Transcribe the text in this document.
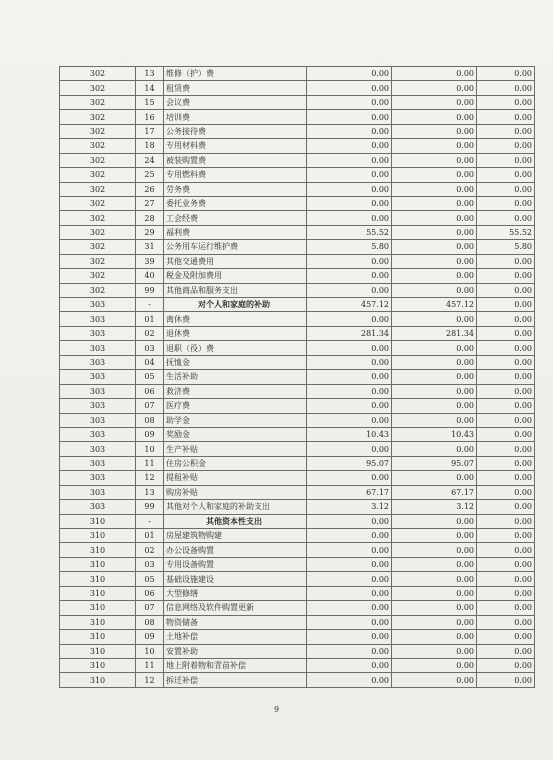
302	13	维修（护）费	0.00	0.00	0.00
302	14	租赁费	0.00	0.00	0.00
302	15	会议费	0.00	0.00	0.00
302	16	培训费	0.00	0.00	0.00
302	17	公务接待费	0.00	0.00	0.00
302	18	专用材料费	0.00	0.00	0.00
302	24	被装购置费	0.00	0.00	0.00
302	25	专用燃料费	0.00	0.00	0.00
302	26	劳务费	0.00	0.00	0.00
302	27	委托业务费	0.00	0.00	0.00
302	28	工会经费	0.00	0.00	0.00
302	29	福利费	55.52	0.00	55.52
302	31	公务用车运行维护费	5.80	0.00	5.80
302	39	其他交通费用	0.00	0.00	0.00
302	40	税金及附加费用	0.00	0.00	0.00
302	99	其他商品和服务支出	0.00	0.00	0.00
303	-	对个人和家庭的补助	457.12	457.12	0.00
303	01	离休费	0.00	0.00	0.00
303	02	退休费	281.34	281.34	0.00
303	03	退职（役）费	0.00	0.00	0.00
303	04	抚恤金	0.00	0.00	0.00
303	05	生活补助	0.00	0.00	0.00
303	06	救济费	0.00	0.00	0.00
303	07	医疗费	0.00	0.00	0.00
303	08	助学金	0.00	0.00	0.00
303	09	奖励金	10.43	10.43	0.00
303	10	生产补贴	0.00	0.00	0.00
303	11	住房公积金	95.07	95.07	0.00
303	12	提租补贴	0.00	0.00	0.00
303	13	购房补贴	67.17	67.17	0.00
303	99	其他对个人和家庭的补助支出	3.12	3.12	0.00
310	-	其他资本性支出	0.00	0.00	0.00
310	01	房屋建筑物购建	0.00	0.00	0.00
310	02	办公设备购置	0.00	0.00	0.00
310	03	专用设备购置	0.00	0.00	0.00
310	05	基础设施建设	0.00	0.00	0.00
310	06	大型修缮	0.00	0.00	0.00
310	07	信息网络及软件购置更新	0.00	0.00	0.00
310	08	物资储备	0.00	0.00	0.00
310	09	土地补偿	0.00	0.00	0.00
310	10	安置补助	0.00	0.00	0.00
310	11	地上附着物和青苗补偿	0.00	0.00	0.00
310	12	拆迁补偿	0.00	0.00	0.00
9
